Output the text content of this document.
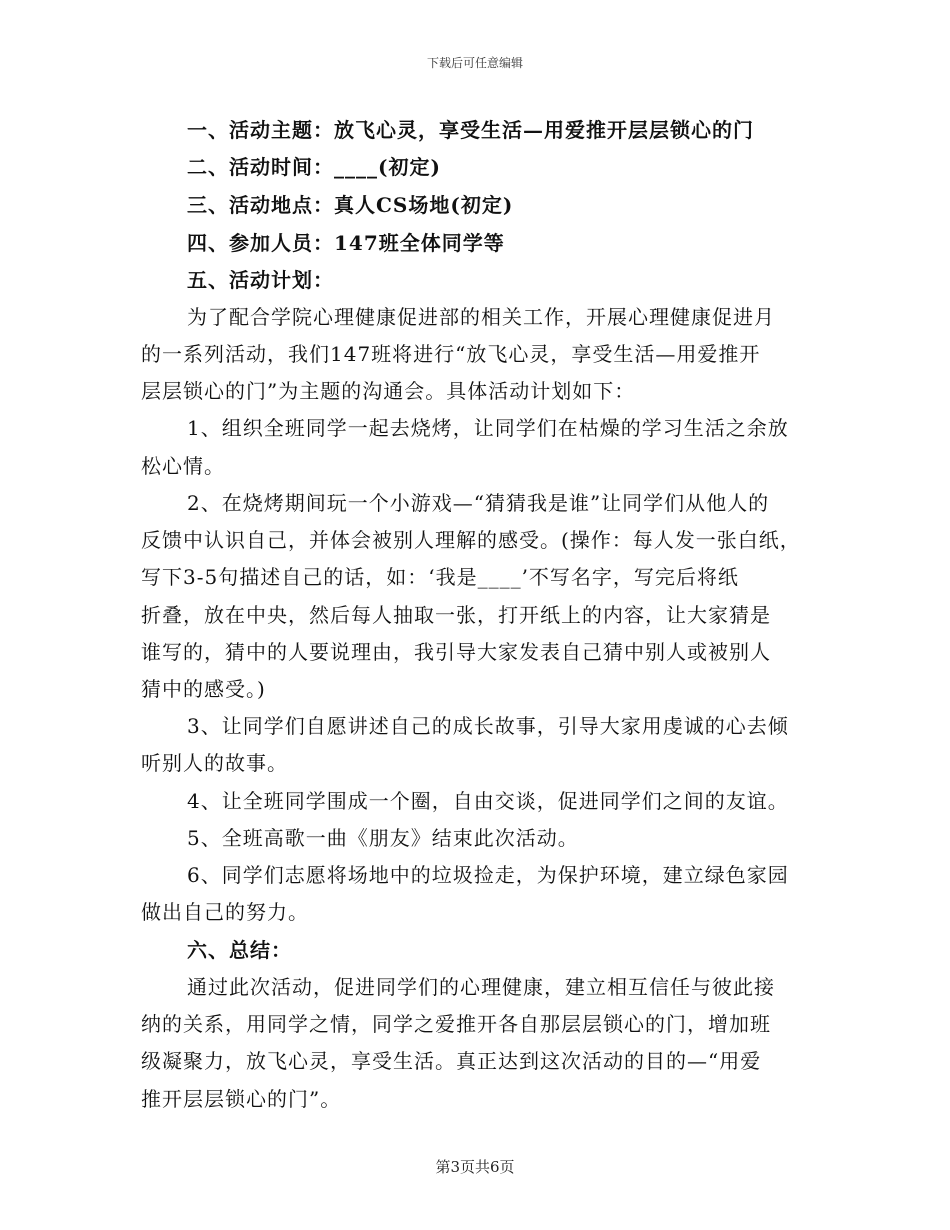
下载后可任意编辑
一、活动主题：放飞心灵，享受生活—用爱推开层层锁心的门
二、活动时间：____(初定)
三、活动地点：真人CS场地(初定)
四、参加人员：147班全体同学等
五、活动计划：
为了配合学院心理健康促进部的相关工作，开展心理健康促进月
的一系列活动，我们147班将进行“放飞心灵，享受生活—用爱推开
层层锁心的门”为主题的沟通会。具体活动计划如下：
1、组织全班同学一起去烧烤，让同学们在枯燥的学习生活之余放
松心情。
2、在烧烤期间玩一个小游戏—“猜猜我是谁”让同学们从他人的
反馈中认识自己，并体会被别人理解的感受。(操作：每人发一张白纸，
写下3-5句描述自己的话，如：‘我是____’不写名字，写完后将纸
折叠，放在中央，然后每人抽取一张，打开纸上的内容，让大家猜是
谁写的，猜中的人要说理由，我引导大家发表自己猜中别人或被别人
猜中的感受。)
3、让同学们自愿讲述自己的成长故事，引导大家用虔诚的心去倾
听别人的故事。
4、让全班同学围成一个圈，自由交谈，促进同学们之间的友谊。
5、全班高歌一曲《朋友》结束此次活动。
6、同学们志愿将场地中的垃圾捡走，为保护环境，建立绿色家园
做出自己的努力。
六、总结：
通过此次活动，促进同学们的心理健康，建立相互信任与彼此接
纳的关系，用同学之情，同学之爱推开各自那层层锁心的门，增加班
级凝聚力，放飞心灵，享受生活。真正达到这次活动的目的—“用爱
推开层层锁心的门”。
第3页共6页
